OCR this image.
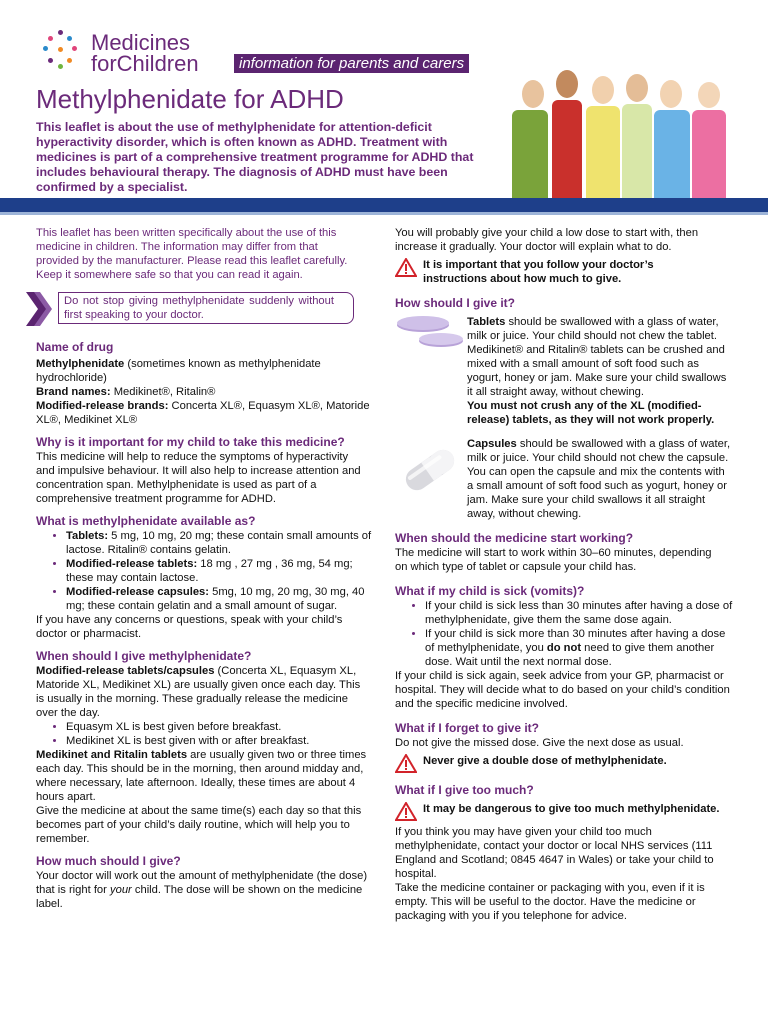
Medicines
forChildren	information for parents and carers
Methylphenidate for ADHD
This leaflet is about the use of methylphenidate for attention-deficit hyperactivity disorder, which is often known as ADHD. Treatment with medicines is part of a comprehensive treatment programme for ADHD that includes behavioural therapy. The diagnosis of ADHD must have been confirmed by a specialist.

This leaflet has been written specifically about the use of this medicine in children. The information may differ from that provided by the manufacturer. Please read this leaflet carefully. Keep it somewhere safe so that you can read it again.

Do not stop giving methylphenidate suddenly without first speaking to your doctor.

Name of drug

Methylphenidate (sometimes known as methylphenidate hydrochloride)

Brand names: Medikinet®, Ritalin®

Modified-release brands: Concerta XL®, Equasym XL®, Matoride XL®, Medikinet XL®

Why is it important for my child to take this medicine?

This medicine will help to reduce the symptoms of hyperactivity and impulsive behaviour. It will also help to increase attention and concentration span. Methylphenidate is used as part of a comprehensive treatment programme for ADHD.

What is methylphenidate available as?

• Tablets: 5 mg, 10 mg, 20 mg; these contain small amounts of lactose. Ritalin® contains gelatin.
• Modified-release tablets: 18 mg , 27 mg , 36 mg, 54 mg; these may contain lactose.
• Modified-release capsules: 5mg, 10 mg, 20 mg, 30 mg, 40 mg; these contain gelatin and a small amount of sugar.

If you have any concerns or questions, speak with your child’s doctor or pharmacist.

When should I give methylphenidate?

Modified-release tablets/capsules (Concerta XL, Equasym XL, Matoride XL, Medikinet XL) are usually given once each day. This is usually in the morning. These gradually release the medicine over the day.

• Equasym XL is best given before breakfast.
• Medikinet XL is best given with or after breakfast.

Medikinet and Ritalin tablets are usually given two or three times each day. This should be in the morning, then around midday and, where necessary, late afternoon. Ideally, these times are about 4 hours apart.

Give the medicine at about the same time(s) each day so that this becomes part of your child’s daily routine, which will help you to remember.

How much should I give?

Your doctor will work out the amount of methylphenidate (the dose) that is right for your child. The dose will be shown on the medicine label.

You will probably give your child a low dose to start with, then increase it gradually. Your doctor will explain what to do.

It is important that you follow your doctor’s instructions about how much to give.

How should I give it?

Tablets should be swallowed with a glass of water, milk or juice. Your child should not chew the tablet.

Medikinet® and Ritalin® tablets can be crushed and mixed with a small amount of soft food such as yogurt, honey or jam. Make sure your child swallows it all straight away, without chewing.

You must not crush any of the XL (modified-release) tablets, as they will not work properly.

Capsules should be swallowed with a glass of water, milk or juice. Your child should not chew the capsule. You can open the capsule and mix the contents with a small amount of soft food such as yogurt, honey or jam. Make sure your child swallows it all straight away, without chewing.

When should the medicine start working?

The medicine will start to work within 30–60 minutes, depending on which type of tablet or capsule your child has.

What if my child is sick (vomits)?

• If your child is sick less than 30 minutes after having a dose of methylphenidate, give them the same dose again.
• If your child is sick more than 30 minutes after having a dose of methylphenidate, you do not need to give them another dose. Wait until the next normal dose.

If your child is sick again, seek advice from your GP, pharmacist or hospital. They will decide what to do based on your child’s condition and the specific medicine involved.

What if I forget to give it?

Do not give the missed dose. Give the next dose as usual.

Never give a double dose of methylphenidate.

What if I give too much?

It may be dangerous to give too much methylphenidate.

If you think you may have given your child too much methylphenidate, contact your doctor or local NHS services (111 England and Scotland; 0845 4647 in Wales) or take your child to hospital.

Take the medicine container or packaging with you, even if it is empty. This will be useful to the doctor. Have the medicine or packaging with you if you telephone for advice.
